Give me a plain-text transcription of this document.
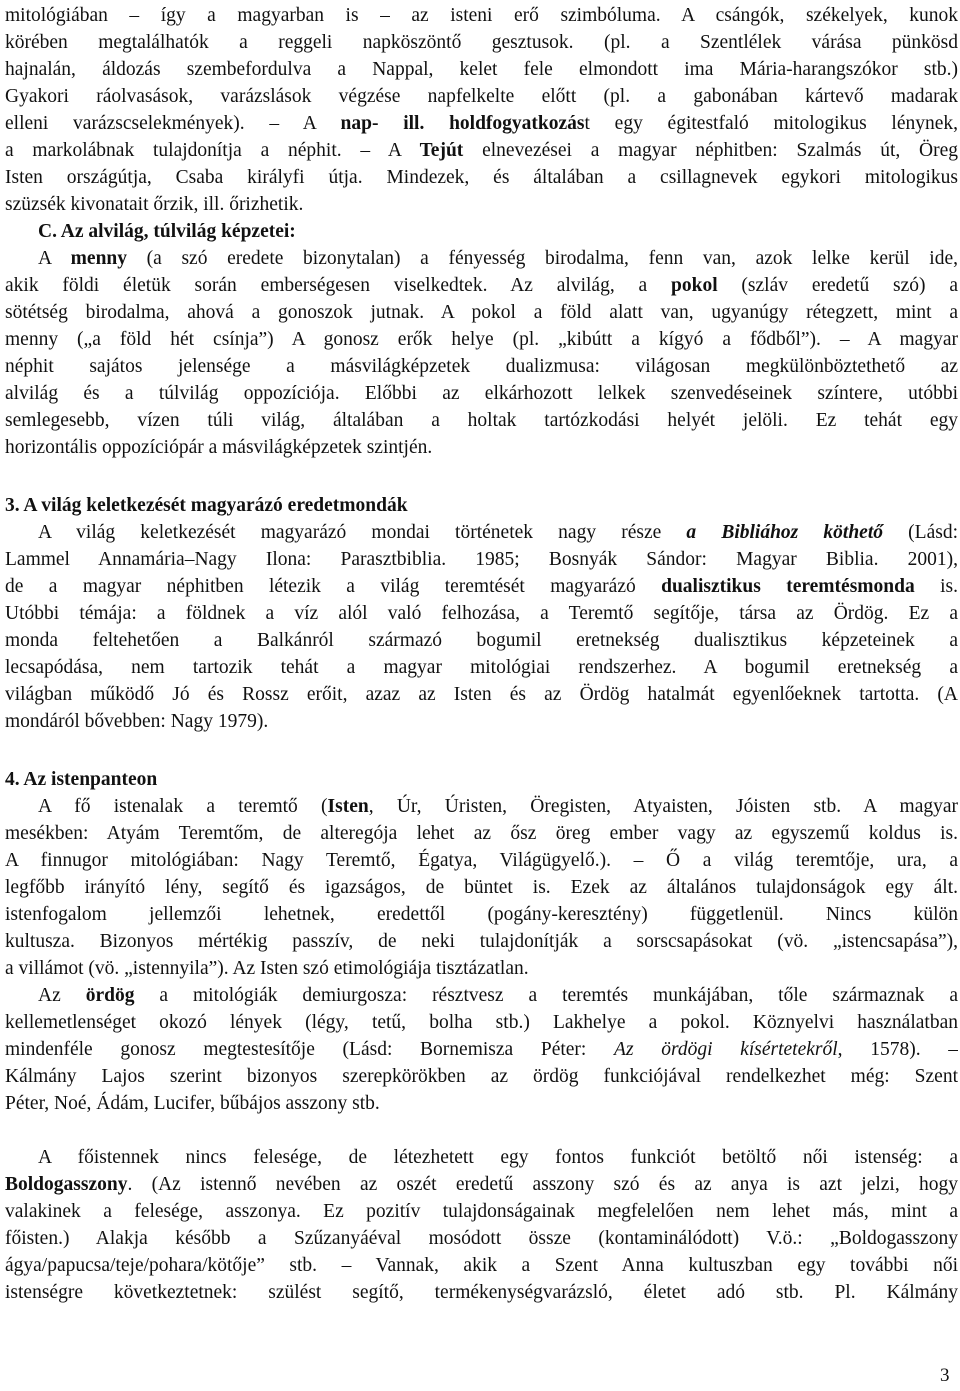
mitológiában – így a magyarban is – az isteni erő szimbóluma. A csángók, székelyek, kunok
körében megtalálhatók a reggeli napköszöntő gesztusok. (pl. a Szentlélek várása pünkösd
hajnalán, áldozás szembefordulva a Nappal, kelet fele elmondott ima Mária-harangszókor stb.)
Gyakori ráolvasások, varázslások végzése napfelkelte előtt (pl. a gabonában kártevő madarak
elleni varázscselekmények). – A nap- ill. holdfogyatkozást egy égitestfaló mitologikus lénynek,
a markolábnak tulajdonítja a néphit. – A Tejút elnevezései a magyar néphitben: Szalmás út, Öreg
Isten országútja, Csaba királyfi útja. Mindezek, és általában a csillagnevek egykori mitologikus
szüzsék kivonatait őrzik, ill. őrizhetik.
C. Az alvilág, túlvilág képzetei:
A menny (a szó eredete bizonytalan) a fényesség birodalma, fenn van, azok lelke kerül ide,
akik földi életük során emberségesen viselkedtek. Az alvilág, a pokol (szláv eredetű szó) a
sötétség birodalma, ahová a gonoszok jutnak. A pokol a föld alatt van, ugyanúgy rétegzett, mint a
menny („a föld hét csínja”) A gonosz erők helye (pl. „kibútt a kígyó a fődből”). – A magyar
néphit sajátos jelensége a másvilágképzetek dualizmusa: világosan megkülönböztethető az
alvilág és a túlvilág oppozíciója. Előbbi az elkárhozott lelkek szenvedéseinek színtere, utóbbi
semlegesebb, vízen túli világ, általában a holtak tartózkodási helyét jelöli. Ez tehát egy
horizontális oppozíciópár a másvilágképzetek szintjén.
3. A világ keletkezését magyarázó eredetmondák
A világ keletkezését magyarázó mondai történetek nagy része a Bibliához köthető (Lásd:
Lammel Annamária–Nagy Ilona: Parasztbiblia. 1985; Bosnyák Sándor: Magyar Biblia. 2001),
de a magyar néphitben létezik a világ teremtését magyarázó dualisztikus teremtésmonda is.
Utóbbi témája: a földnek a víz alól való felhozása, a Teremtő segítője, társa az Ördög. Ez a
monda feltehetően a Balkánról származó bogumil eretnekség dualisztikus képzeteinek a
lecsapódása, nem tartozik tehát a magyar mitológiai rendszerhez. A bogumil eretnekség a
világban működő Jó és Rossz erőit, azaz az Isten és az Ördög hatalmát egyenlőeknek tartotta. (A
mondáról bővebben: Nagy 1979).
4. Az istenpanteon
A fő istenalak a teremtő (Isten, Úr, Úristen, Öregisten, Atyaisten, Jóisten stb. A magyar
mesékben: Atyám Teremtőm, de alteregója lehet az ősz öreg ember vagy az egyszemű koldus is.
A finnugor mitológiában: Nagy Teremtő, Égatya, Világügyelő.). – Ő a világ teremtője, ura, a
legfőbb irányító lény, segítő és igazságos, de büntet is. Ezek az általános tulajdonságok egy ált.
istenfogalom jellemzői lehetnek, eredettől (pogány-keresztény) függetlenül. Nincs külön
kultusza. Bizonyos mértékig passzív, de neki tulajdonítják a sorscsapásokat (vö. „istencsapása”),
a villámot (vö. „istennyila”). Az Isten szó etimológiája tisztázatlan.
Az ördög a mitológiák demiurgosza: résztvesz a teremtés munkájában, tőle származnak a
kellemetlenséget okozó lények (légy, tetű, bolha stb.) Lakhelye a pokol. Köznyelvi használatban
mindenféle gonosz megtestesítője (Lásd: Bornemisza Péter: Az ördögi kísértetekről, 1578). –
Kálmány Lajos szerint bizonyos szerepkörökben az ördög funkciójával rendelkezhet még: Szent
Péter, Noé, Ádám, Lucifer, bűbájos asszony stb.
A főistennek nincs felesége, de létezhetett egy fontos funkciót betöltő női istenség: a
Boldogasszony. (Az istennő nevében az oszét eredetű asszony szó és az anya is azt jelzi, hogy
valakinek a felesége, asszonya. Ez pozitív tulajdonságainak megfelelően nem lehet más, mint a
főisten.) Alakja később a Szűzanyáéval mosódott össze (kontaminálódott) V.ö.: „Boldogasszony
ágya/papucsa/teje/pohara/kötője” stb. – Vannak, akik a Szent Anna kultuszban egy további női
istenségre következtetnek: szülést segítő, termékenységvarázsló, életet adó stb. Pl. Kálmány
3
